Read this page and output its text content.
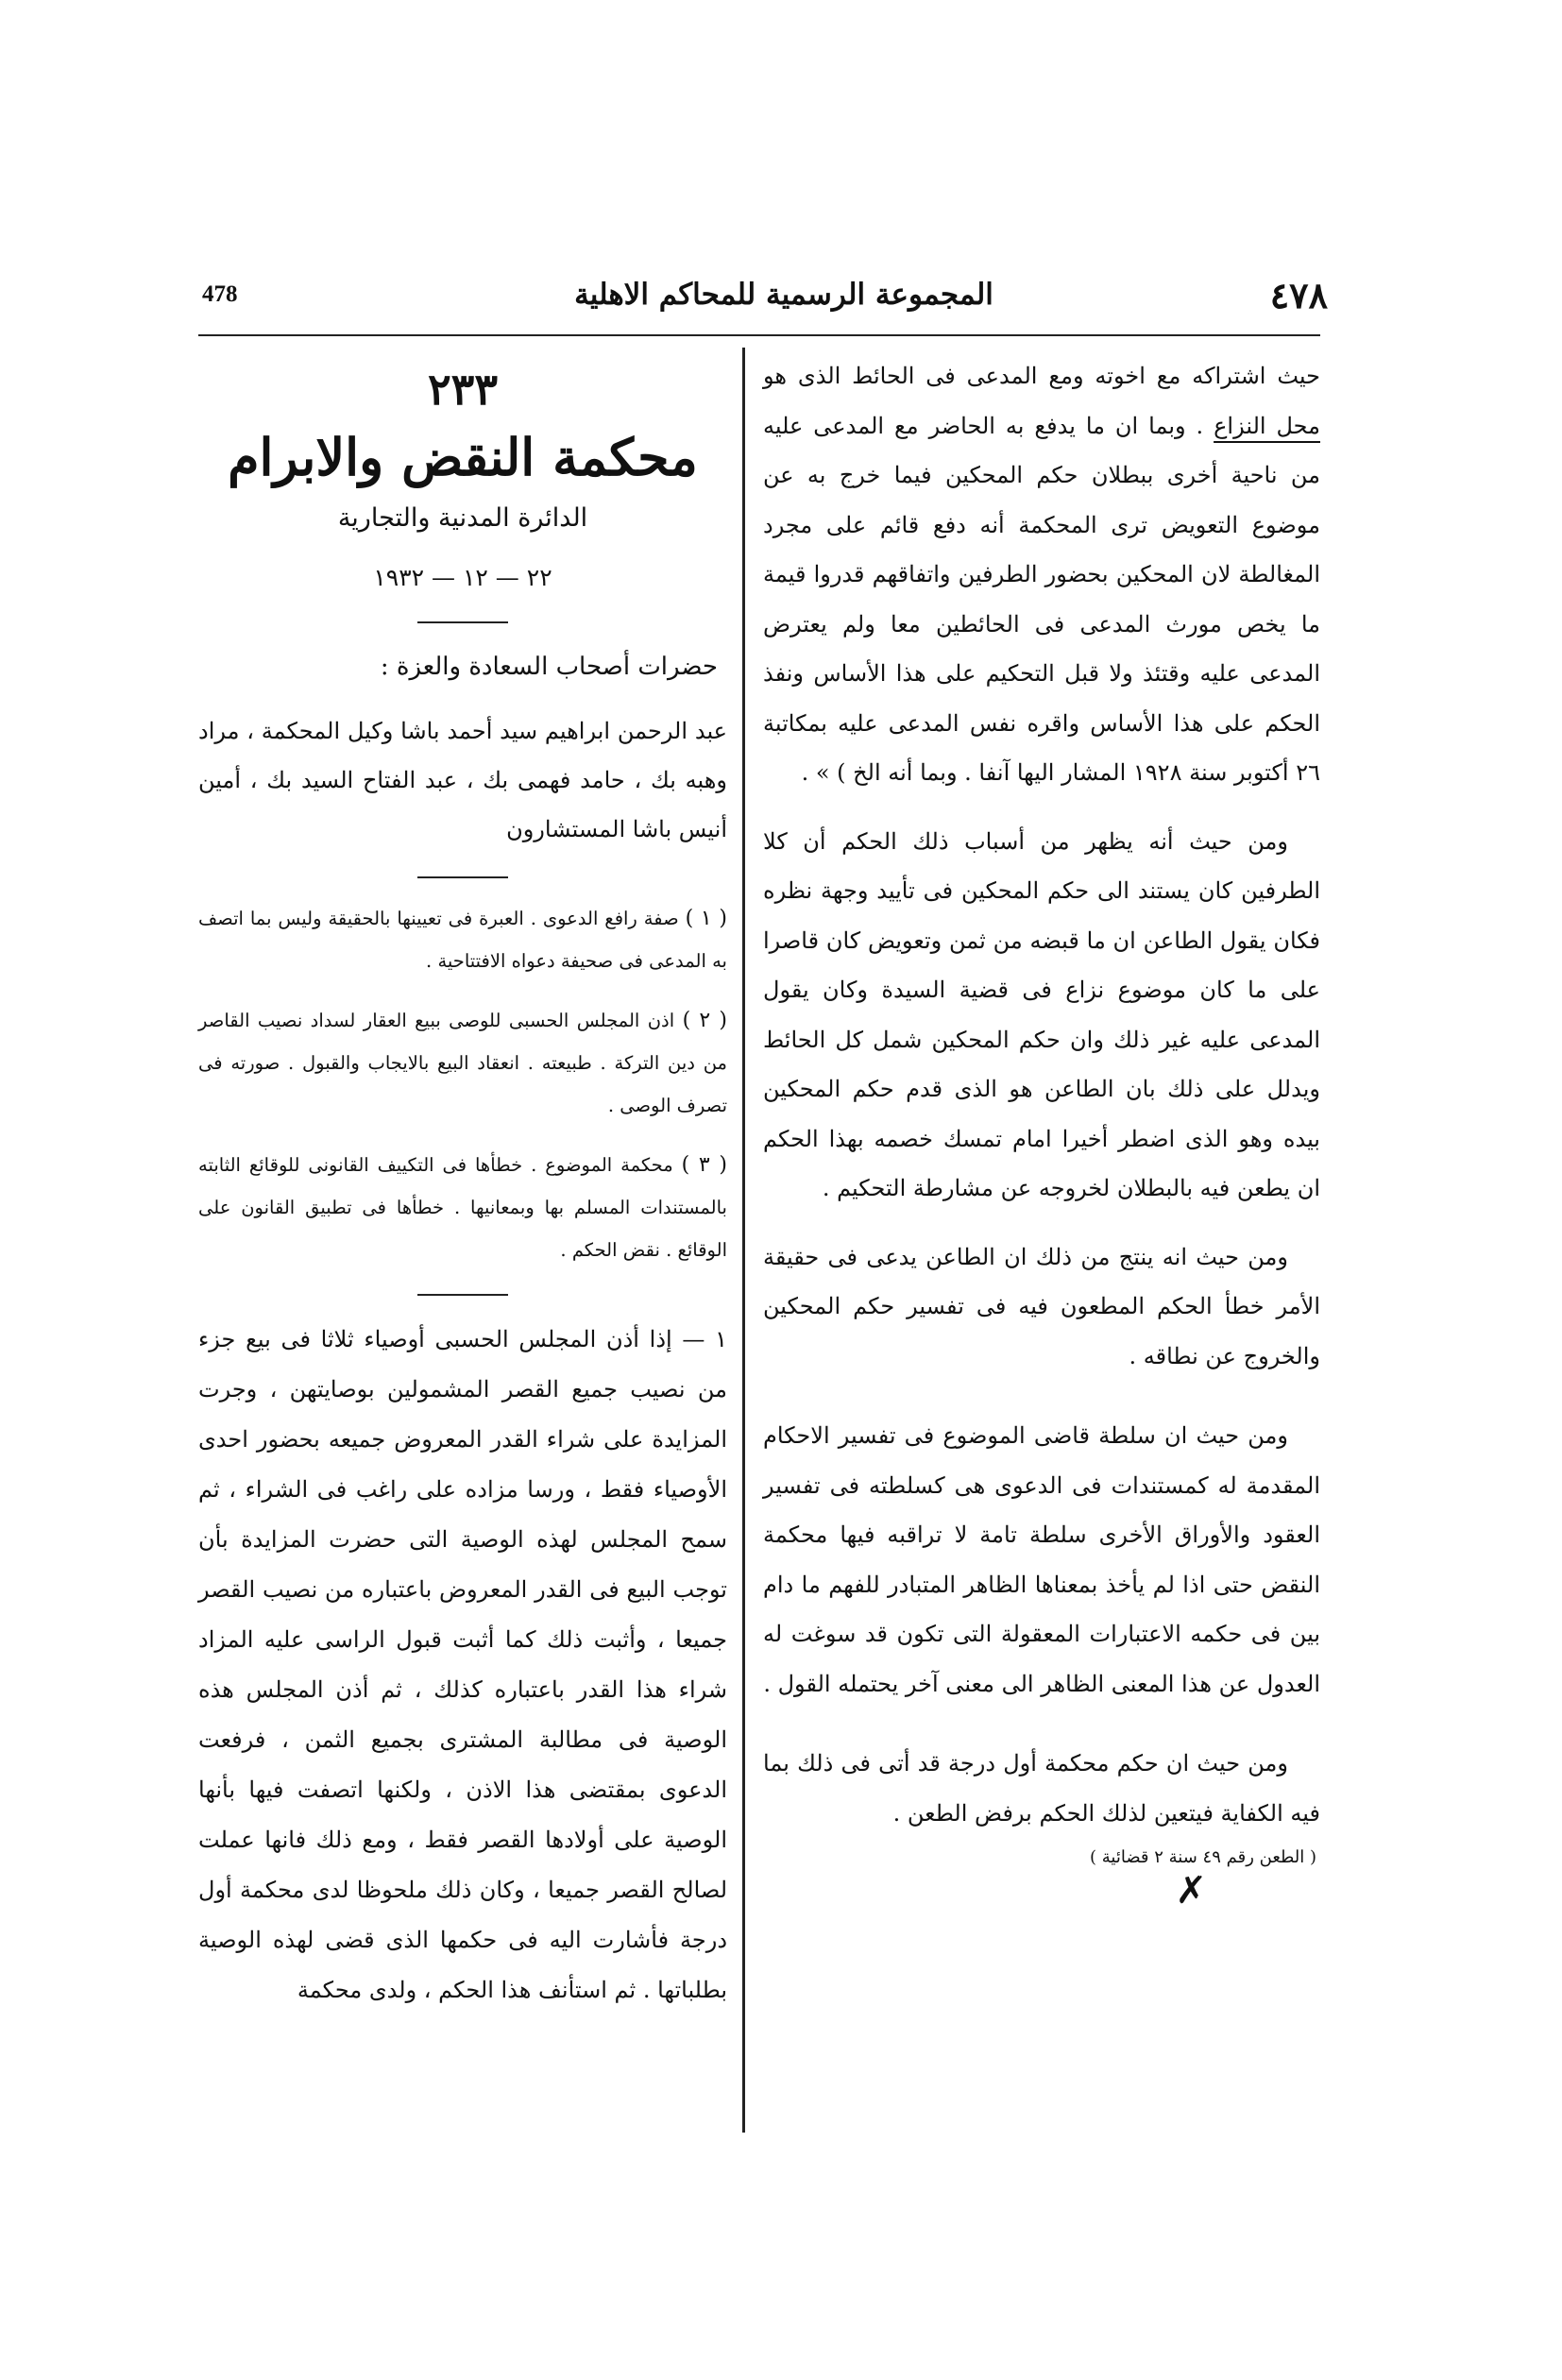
٤٧٨
المجموعة الرسمية للمحاكم الاهلية
478

حيث اشتراكه مع اخوته ومع المدعى فى الحائط الذى هو محل النزاع . وبما ان ما يدفع به الحاضر مع المدعى عليه من ناحية أخرى ببطلان حكم المحكين فيما خرج به عن موضوع التعويض ترى المحكمة أنه دفع قائم على مجرد المغالطة لان المحكين بحضور الطرفين واتفاقهم قدروا قيمة ما يخص مورث المدعى فى الحائطين معا ولم يعترض المدعى عليه وقتئذ ولا قبل التحكيم على هذا الأساس ونفذ الحكم على هذا الأساس واقره نفس المدعى عليه بمكاتبة ٢٦ أكتوبر سنة ١٩٢٨ المشار اليها آنفا . وبما أنه الخ ) » .

ومن حيث أنه يظهر من أسباب ذلك الحكم أن كلا الطرفين كان يستند الى حكم المحكين فى تأييد وجهة نظره فكان يقول الطاعن ان ما قبضه من ثمن وتعويض كان قاصرا على ما كان موضوع نزاع فى قضية السيدة وكان يقول المدعى عليه غير ذلك وان حكم المحكين شمل كل الحائط ويدلل على ذلك بان الطاعن هو الذى قدم حكم المحكين بيده وهو الذى اضطر أخيرا امام تمسك خصمه بهذا الحكم ان يطعن فيه بالبطلان لخروجه عن مشارطة التحكيم .

ومن حيث انه ينتج من ذلك ان الطاعن يدعى فى حقيقة الأمر خطأ الحكم المطعون فيه فى تفسير حكم المحكين والخروج عن نطاقه .

ومن حيث ان سلطة قاضى الموضوع فى تفسير الاحكام المقدمة له كمستندات فى الدعوى هى كسلطته فى تفسير العقود والأوراق الأخرى سلطة تامة لا تراقبه فيها محكمة النقض حتى اذا لم يأخذ بمعناها الظاهر المتبادر للفهم ما دام بين فى حكمه الاعتبارات المعقولة التى تكون قد سوغت له العدول عن هذا المعنى الظاهر الى معنى آخر يحتمله القول .

ومن حيث ان حكم محكمة أول درجة قد أتى فى ذلك بما فيه الكفاية فيتعين لذلك الحكم برفض الطعن .

( الطعن رقم ٤٩ سنة ٢ قضائية )
✗
٢٣٣
محكمة النقض والابرام
الدائرة المدنية والتجارية
٢٢ — ١٢ — ١٩٣٢
حضرات أصحاب السعادة والعزة :
عبد الرحمن ابراهيم سيد أحمد باشا وكيل المحكمة ، مراد وهبه بك ، حامد فهمى بك ، عبد الفتاح السيد بك ، أمين أنيس باشا المستشارون

( ١ ) صفة رافع الدعوى . العبرة فى تعيينها بالحقيقة وليس بما اتصف به المدعى فى صحيفة دعواه الافتتاحية .

( ٢ ) اذن المجلس الحسبى للوصى ببيع العقار لسداد نصيب القاصر من دين التركة . طبيعته . انعقاد البيع بالايجاب والقبول . صورته فى تصرف الوصى .

( ٣ ) محكمة الموضوع . خطأها فى التكييف القانونى للوقائع الثابته بالمستندات المسلم بها وبمعانيها . خطأها فى تطبيق القانون على الوقائع . نقض الحكم .

١ — إذا أذن المجلس الحسبى أوصياء ثلاثا فى بيع جزء من نصيب جميع القصر المشمولين بوصايتهن ، وجرت المزايدة على شراء القدر المعروض جميعه بحضور احدى الأوصياء فقط ، ورسا مزاده على راغب فى الشراء ، ثم سمح المجلس لهذه الوصية التى حضرت المزايدة بأن توجب البيع فى القدر المعروض باعتباره من نصيب القصر جميعا ، وأثبت ذلك كما أثبت قبول الراسى عليه المزاد شراء هذا القدر باعتباره كذلك ، ثم أذن المجلس هذه الوصية فى مطالبة المشترى بجميع الثمن ، فرفعت الدعوى بمقتضى هذا الاذن ، ولكنها اتصفت فيها بأنها الوصية على أولادها القصر فقط ، ومع ذلك فانها عملت لصالح القصر جميعا ، وكان ذلك ملحوظا لدى محكمة أول درجة فأشارت اليه فى حكمها الذى قضى لهذه الوصية بطلباتها . ثم استأنف هذا الحكم ، ولدى محكمة
